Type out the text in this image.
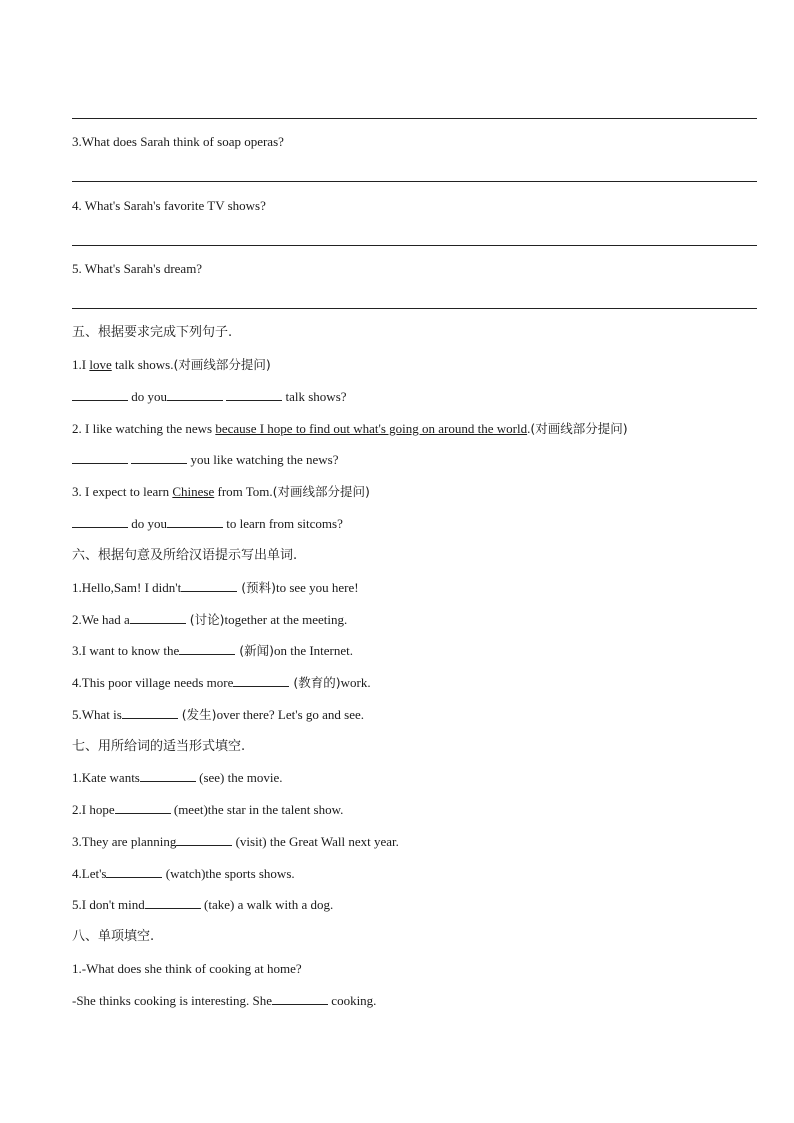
3.What does Sarah think of soap operas?
4. What's Sarah's favorite TV shows?
5. What's Sarah's dream?
五、根据要求完成下列句子.
1.I love talk shows.(对画线部分提问)
do you	talk shows?
2. I like watching the news because I hope to find out what's going on around the world.(对画线部分提问)
you like watching the news?
3. I expect to learn Chinese from Tom.(对画线部分提问)
do you	to learn from sitcoms?
六、根据句意及所给汉语提示写出单词.
1.Hello,Sam! I didn't	(预料)to see you here!
2.We had a	(讨论)together at the meeting.
3.I want to know the	(新闻)on the Internet.
4.This poor village needs more	(教育的)work.
5.What is	(发生)over there? Let's go and see.
七、用所给词的适当形式填空.
1.Kate wants	(see) the movie.
2.I hope	(meet)the star in the talent show.
3.They are planning	(visit) the Great Wall next year.
4.Let's	(watch)the sports shows.
5.I don't mind	(take) a walk with a dog.
八、单项填空.
1.-What does she think of cooking at home?
-She thinks cooking is interesting. She	cooking.
